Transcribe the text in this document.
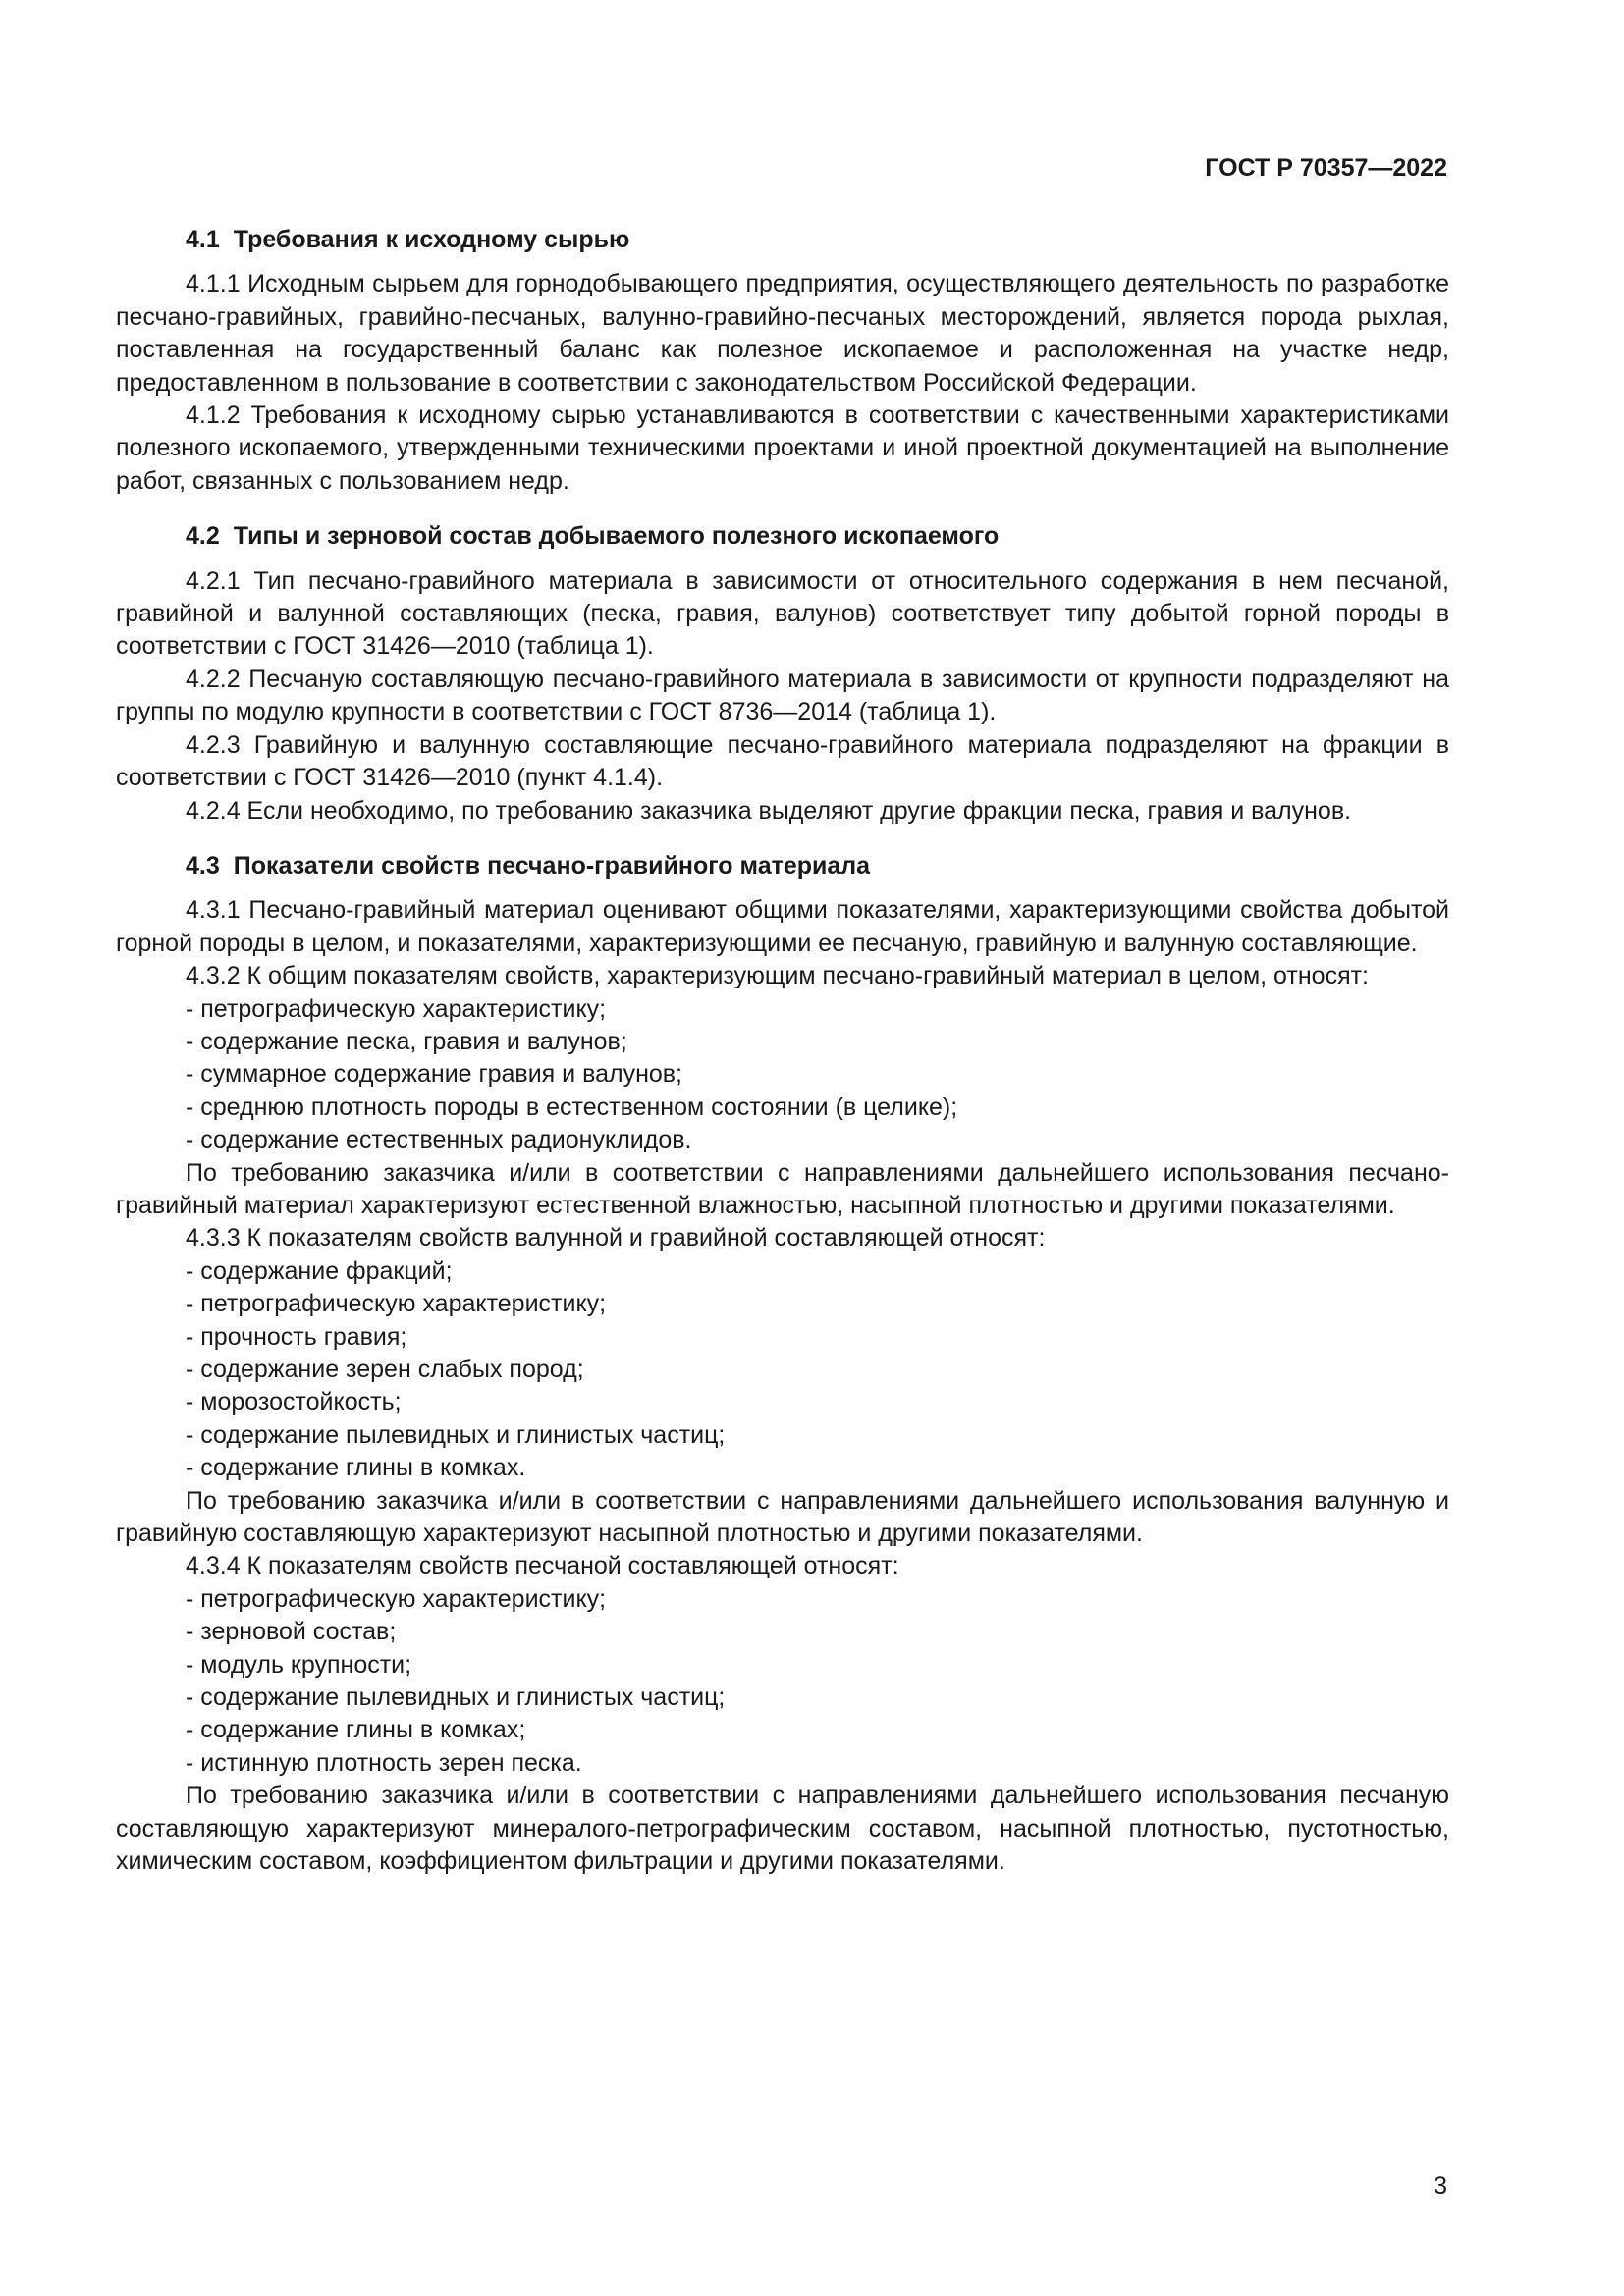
ГОСТ Р 70357—2022

4.1 Требования к исходному сырью

4.1.1 Исходным сырьем для горнодобывающего предприятия, осуществляющего деятельность по разработке песчано-гравийных, гравийно-песчаных, валунно-гравийно-песчаных месторождений, является порода рыхлая, поставленная на государственный баланс как полезное ископаемое и расположенная на участке недр, предоставленном в пользование в соответствии с законодательством Российской Федерации.

4.1.2 Требования к исходному сырью устанавливаются в соответствии с качественными характеристиками полезного ископаемого, утвержденными техническими проектами и иной проектной документацией на выполнение работ, связанных с пользованием недр.

4.2 Типы и зерновой состав добываемого полезного ископаемого

4.2.1 Тип песчано-гравийного материала в зависимости от относительного содержания в нем песчаной, гравийной и валунной составляющих (песка, гравия, валунов) соответствует типу добытой горной породы в соответствии с ГОСТ 31426—2010 (таблица 1).

4.2.2 Песчаную составляющую песчано-гравийного материала в зависимости от крупности подразделяют на группы по модулю крупности в соответствии с ГОСТ 8736—2014 (таблица 1).

4.2.3 Гравийную и валунную составляющие песчано-гравийного материала подразделяют на фракции в соответствии с ГОСТ 31426—2010 (пункт 4.1.4).

4.2.4 Если необходимо, по требованию заказчика выделяют другие фракции песка, гравия и валунов.

4.3 Показатели свойств песчано-гравийного материала

4.3.1 Песчано-гравийный материал оценивают общими показателями, характеризующими свойства добытой горной породы в целом, и показателями, характеризующими ее песчаную, гравийную и валунную составляющие.

4.3.2 К общим показателям свойств, характеризующим песчано-гравийный материал в целом, относят:

- петрографическую характеристику;
- содержание песка, гравия и валунов;
- суммарное содержание гравия и валунов;
- среднюю плотность породы в естественном состоянии (в целике);
- содержание естественных радионуклидов.

По требованию заказчика и/или в соответствии с направлениями дальнейшего использования песчано-гравийный материал характеризуют естественной влажностью, насыпной плотностью и другими показателями.

4.3.3 К показателям свойств валунной и гравийной составляющей относят:

- содержание фракций;
- петрографическую характеристику;
- прочность гравия;
- содержание зерен слабых пород;
- морозостойкость;
- содержание пылевидных и глинистых частиц;
- содержание глины в комках.

По требованию заказчика и/или в соответствии с направлениями дальнейшего использования валунную и гравийную составляющую характеризуют насыпной плотностью и другими показателями.

4.3.4 К показателям свойств песчаной составляющей относят:

- петрографическую характеристику;
- зерновой состав;
- модуль крупности;
- содержание пылевидных и глинистых частиц;
- содержание глины в комках;
- истинную плотность зерен песка.

По требованию заказчика и/или в соответствии с направлениями дальнейшего использования песчаную составляющую характеризуют минералого-петрографическим составом, насыпной плотностью, пустотностью, химическим составом, коэффициентом фильтрации и другими показателями.

3
